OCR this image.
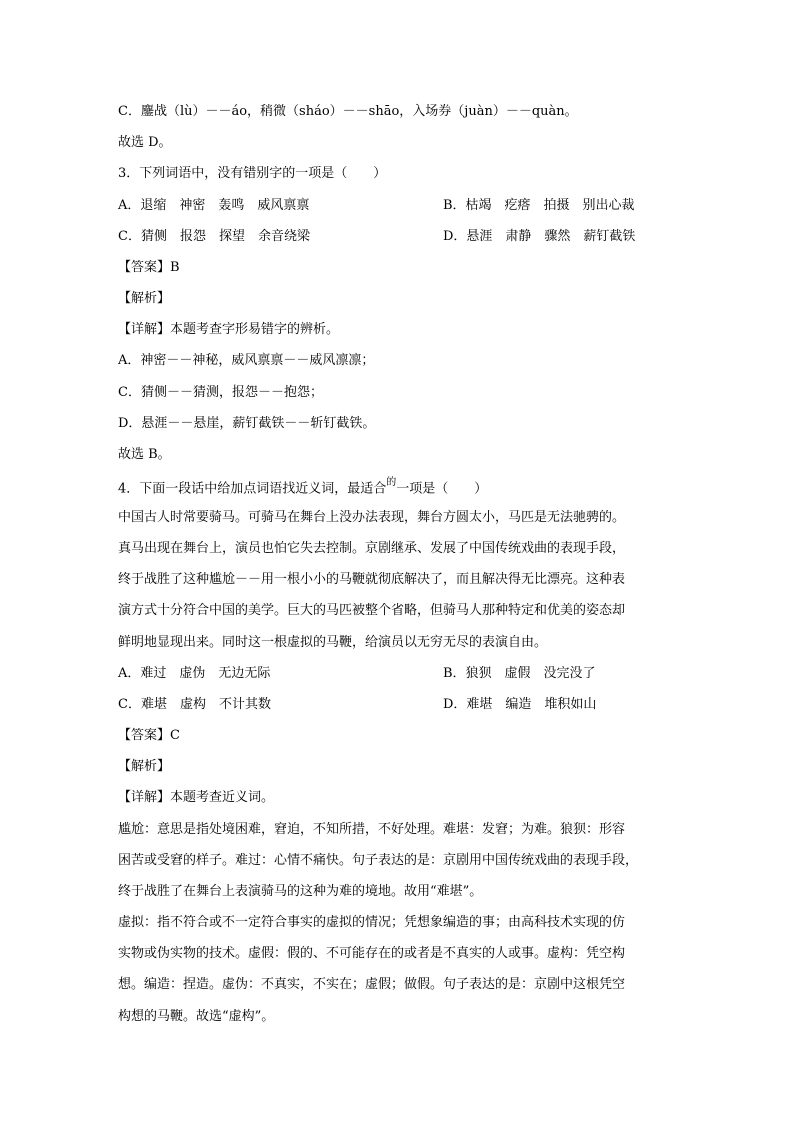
C．鏖战（lù）－－áo，稍微（sháo）－－shāo，入场券（juàn）－－quàn。
故选 D。
3．下列词语中，没有错别字的一项是（　　）
A．退缩　神密　轰鸣　威风禀禀	B．枯竭　疙瘩　拍摄　别出心裁
C．猜侧　报怨　探望　余音绕梁	D．悬涯　肃静　骤然　薪钉截铁
【答案】B
【解析】
【详解】本题考查字形易错字的辨析。
A．神密－－神秘，威风禀禀－－威风凛凛；
C．猜侧－－猜测，报怨－－抱怨；
D．悬涯－－悬崖，薪钉截铁－－斩钉截铁。
故选 B。
4．下面一段话中给加点词语找近义词，最适合$^的$一项是（　　）
中国古人时常要骑马。可骑马在舞台上没办法表现，舞台方圆太小，马匹是无法驰骋的。
真马出现在舞台上，演员也怕它失去控制。京剧继承、发展了中国传统戏曲的表现手段，
终于战胜了这种尴尬－－用一根小小的马鞭就彻底解决了，而且解决得无比漂亮。这种表
演方式十分符合中国的美学。巨大的马匹被整个省略，但骑马人那种特定和优美的姿态却
鲜明地显现出来。同时这一根虚拟的马鞭，给演员以无穷无尽的表演自由。
A．难过　虚伪　无边无际	B．狼狈　虚假　没完没了
C．难堪　虚构　不计其数	D．难堪　编造　堆积如山
【答案】C
【解析】
【详解】本题考查近义词。
尴尬：意思是指处境困难，窘迫，不知所措，不好处理。难堪：发窘；为难。狼狈：形容
困苦或受窘的样子。难过：心情不痛快。句子表达的是：京剧用中国传统戏曲的表现手段，
终于战胜了在舞台上表演骑马的这种为难的境地。故用“难堪”。
虚拟：指不符合或不一定符合事实的虚拟的情况；凭想象编造的事；由高科技术实现的仿
实物或伪实物的技术。虚假：假的、不可能存在的或者是不真实的人或事。虚构：凭空构
想。编造：捏造。虚伪：不真实，不实在；虚假；做假。句子表达的是：京剧中这根凭空
构想的马鞭。故选“虚构”。
